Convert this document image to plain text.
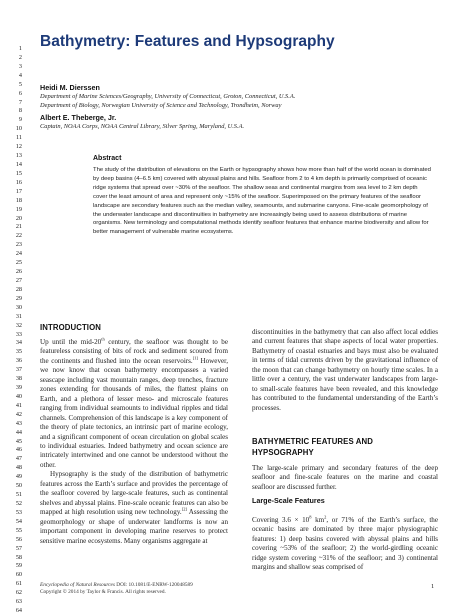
1
2
3
4
5
6
7
8
9
10
11
12
13
14
15
16
17
18
19
20
21
22
23
24
25
26
27
28
29
30
31
32
33
34
35
36
37
38
39
40
41
42
43
44
45
46
47
48
49
50
51
52
53
54
55
56
57
58
59
60
61
62
63
64
Bathymetry: Features and Hypsography
Heidi M. Dierssen
Department of Marine Sciences/Geography, University of Connecticut, Groton, Connecticut, U.S.A.
Department of Biology, Norwegian University of Science and Technology, Trondheim, Norway
Albert E. Theberge, Jr.
Captain, NOAA Corps, NOAA Central Library, Silver Spring, Maryland, U.S.A.
Abstract
The study of the distribution of elevations on the Earth or hypsography shows how more than half of the world ocean is dominated by deep basins (4–6.5 km) covered with abyssal plains and hills. Seafloor from 2 to 4 km depth is primarily comprised of oceanic ridge systems that spread over ~30% of the seafloor. The shallow seas and continental margins from sea level to 2 km depth cover the least amount of area and represent only ~15% of the seafloor. Superimposed on the primary features of the seafloor landscape are secondary features such as the median valley, seamounts, and submarine canyons. Fine-scale geomorphology of the underwater landscape and discontinuities in bathymetry are increasingly being used to assess distributions of marine organisms. New terminology and computational methods identify seafloor features that enhance marine biodiversity and allow for better management of vulnerable marine ecosystems.
INTRODUCTION

Up until the mid-20th century, the seafloor was thought to be featureless consisting of bits of rock and sediment scoured from the continents and flushed into the ocean reservoirs.[1] However, we now know that ocean bathymetry encompasses a varied seascape including vast mountain ranges, deep trenches, fracture zones extending for thousands of miles, the flattest plains on Earth, and a plethora of lesser meso- and microscale features ranging from individual seamounts to individual ripples and tidal channels. Comprehension of this landscape is a key component of the theory of plate tectonics, an intrinsic part of marine ecology, and a significant component of ocean circulation on global scales to individual estuaries. Indeed bathymetry and ocean science are intricately intertwined and one cannot be understood without the other.

Hypsography is the study of the distribution of bathymetric features across the Earth’s surface and provides the percentage of the seafloor covered by large-scale features, such as continental shelves and abyssal plains. Fine-scale oceanic features can also be mapped at high resolution using new technology.[2] Assessing the geomorphology or shape of underwater landforms is now an important component in developing marine reserves to protect sensitive marine ecosystems. Many organisms aggregate at

discontinuities in the bathymetry that can also affect local eddies and current features that shape aspects of local water properties. Bathymetry of coastal estuaries and bays must also be evaluated in terms of tidal currents driven by the gravitational influence of the moon that can change bathymetry on hourly time scales. In a little over a century, the vast underwater landscapes from large- to small-scale features have been revealed, and this knowledge has contributed to the fundamental understanding of the Earth’s processes.

BATHYMETRIC FEATURES AND
HYPSOGRAPHY
The large-scale primary and secondary features of the deep seafloor and fine-scale features on the marine and coastal seafloor are discussed further.
Large-Scale Features
Covering $3.6 \times 10^8$ $km^2$, or 71% of the Earth’s surface, the oceanic basins are dominated by three major physiographic features: 1) deep basins covered with abyssal plains and hills covering ~53% of the seafloor; 2) the world-girdling oceanic ridge system covering ~31% of the seafloor; and 3) continental margins and shallow seas comprised of
Encyclopedia of Natural Resources DOI: 10.1081/E-ENRW-120048589
Copyright © 2014 by Taylor & Francis. All rights reserved.
1
